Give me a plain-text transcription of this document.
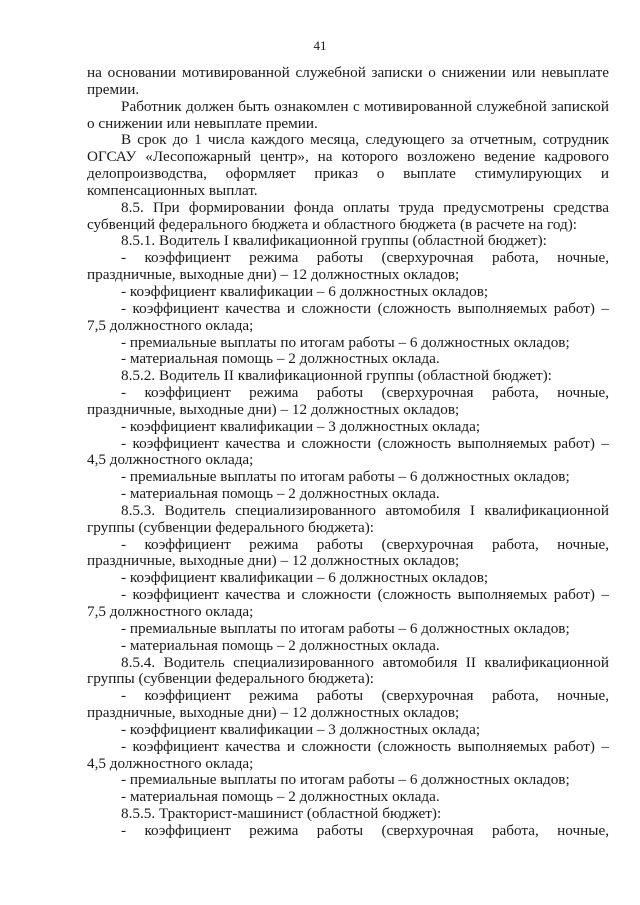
41

на основании мотивированной служебной записки о снижении или невыплате премии.

Работник должен быть ознакомлен с мотивированной служебной запиской о снижении или невыплате премии.

В срок до 1 числа каждого месяца, следующего за отчетным, сотрудник ОГСАУ «Лесопожарный центр», на которого возложено ведение кадрового делопроизводства, оформляет приказ о выплате стимулирующих и компенсационных выплат.

8.5. При формировании фонда оплаты труда предусмотрены средства субвенций федерального бюджета и областного бюджета (в расчете на год):

8.5.1. Водитель I квалификационной группы (областной бюджет):

- коэффициент режима работы (сверхурочная работа, ночные, праздничные, выходные дни) – 12 должностных окладов;

- коэффициент квалификации – 6 должностных окладов;

- коэффициент качества и сложности (сложность выполняемых работ) – 7,5 должностного оклада;

- премиальные выплаты по итогам работы – 6 должностных окладов;

- материальная помощь – 2 должностных оклада.

8.5.2. Водитель II квалификационной группы (областной бюджет):

- коэффициент режима работы (сверхурочная работа, ночные, праздничные, выходные дни) – 12 должностных окладов;

- коэффициент квалификации – 3 должностных оклада;

- коэффициент качества и сложности (сложность выполняемых работ) – 4,5 должностного оклада;

- премиальные выплаты по итогам работы – 6 должностных окладов;

- материальная помощь – 2 должностных оклада.

8.5.3. Водитель специализированного автомобиля I квалификационной группы (субвенции федерального бюджета):

- коэффициент режима работы (сверхурочная работа, ночные, праздничные, выходные дни) – 12 должностных окладов;

- коэффициент квалификации – 6 должностных окладов;

- коэффициент качества и сложности (сложность выполняемых работ) – 7,5 должностного оклада;

- премиальные выплаты по итогам работы – 6 должностных окладов;

- материальная помощь – 2 должностных оклада.

8.5.4. Водитель специализированного автомобиля II квалификационной группы (субвенции федерального бюджета):

- коэффициент режима работы (сверхурочная работа, ночные, праздничные, выходные дни) – 12 должностных окладов;

- коэффициент квалификации – 3 должностных оклада;

- коэффициент качества и сложности (сложность выполняемых работ) – 4,5 должностного оклада;

- премиальные выплаты по итогам работы – 6 должностных окладов;

- материальная помощь – 2 должностных оклада.

8.5.5. Тракторист-машинист (областной бюджет):

- коэффициент режима работы (сверхурочная работа, ночные,
